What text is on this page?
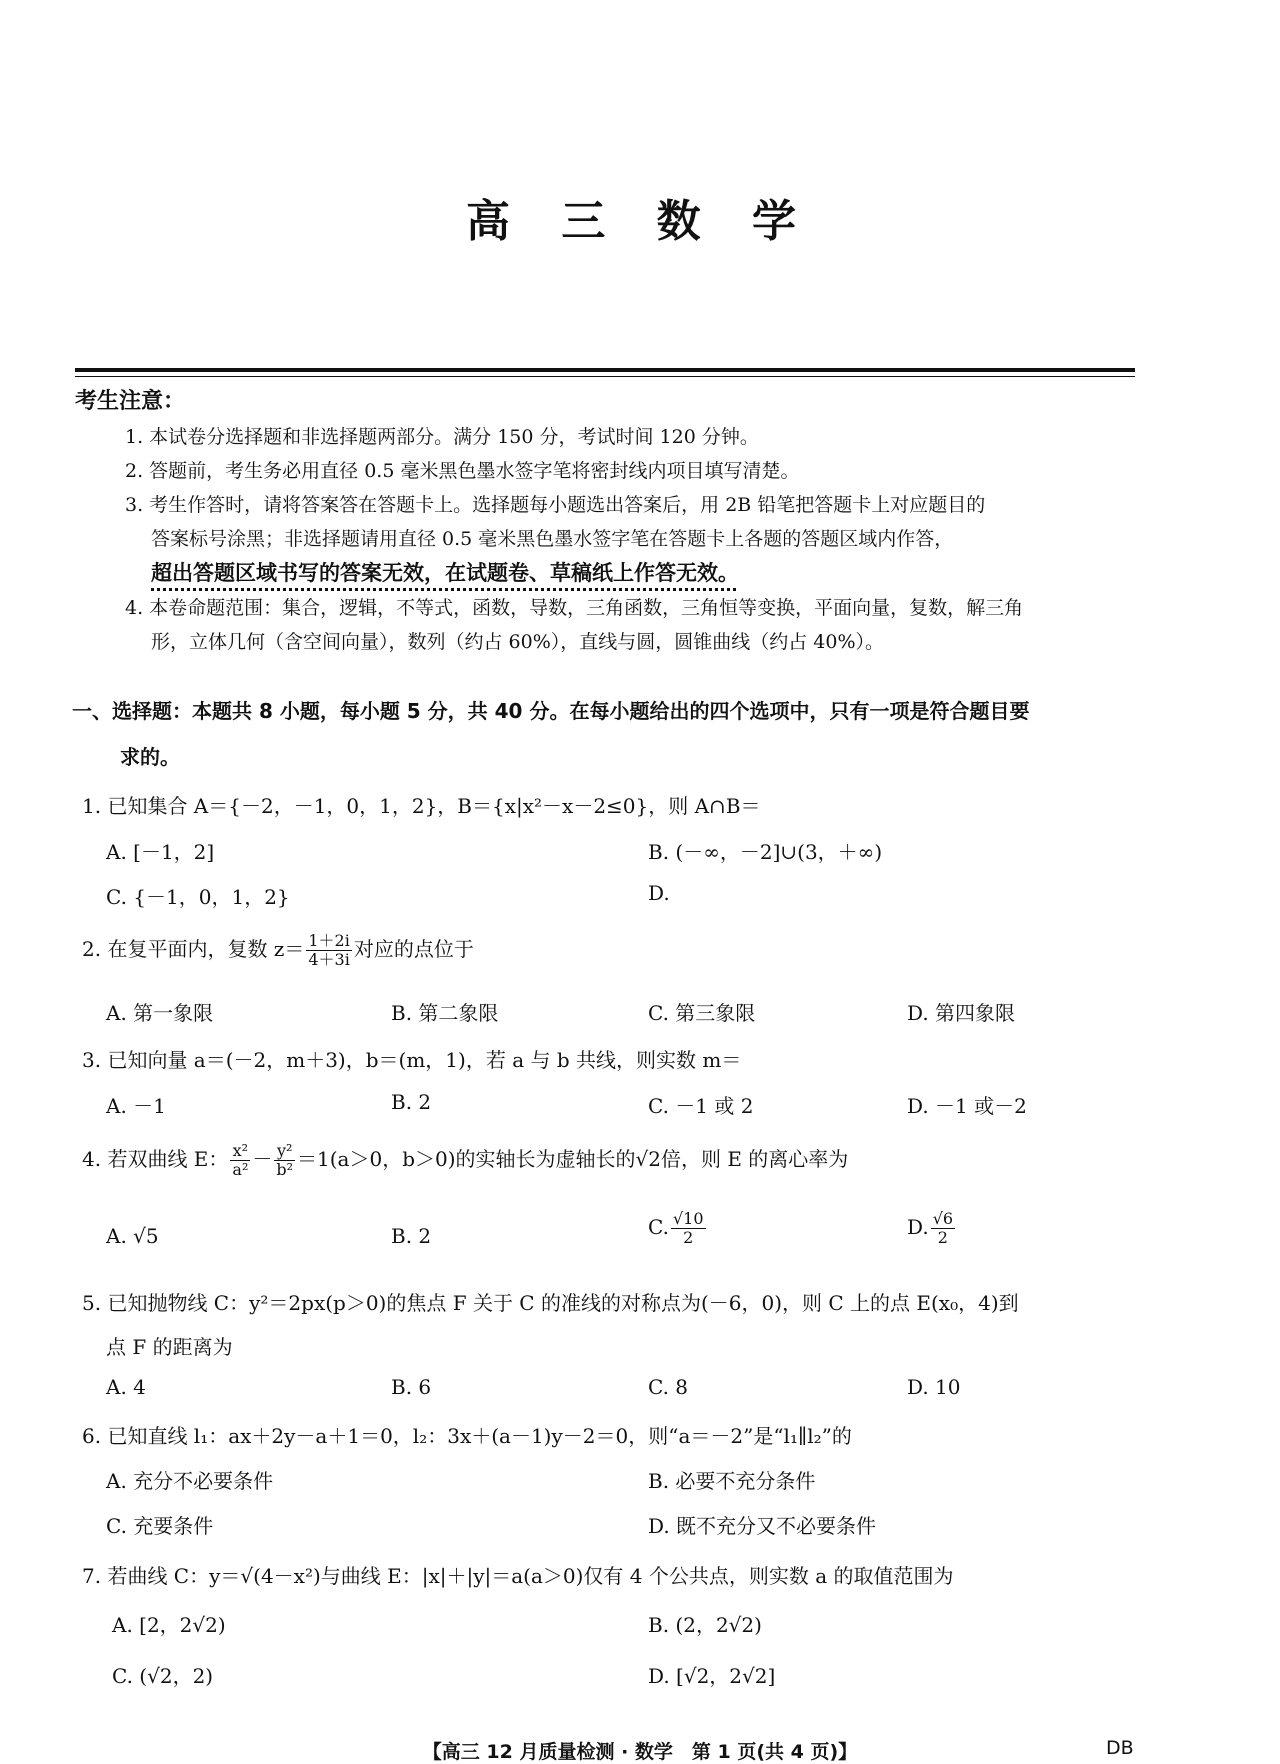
高 三 数 学
考生注意：

1. 本试卷分选择题和非选择题两部分。满分 150 分，考试时间 120 分钟。

2. 答题前，考生务必用直径 0.5 毫米黑色墨水签字笔将密封线内项目填写清楚。

3. 考生作答时，请将答案答在答题卡上。选择题每小题选出答案后，用 2B 铅笔把答题卡上对应题目的

答案标号涂黑；非选择题请用直径 0.5 毫米黑色墨水签字笔在答题卡上各题的答题区域内作答，

超出答题区域书写的答案无效，在试题卷、草稿纸上作答无效。

4. 本卷命题范围：集合，逻辑，不等式，函数，导数，三角函数，三角恒等变换，平面向量，复数，解三角

形，立体几何（含空间向量），数列（约占 60%），直线与圆，圆锥曲线（约占 40%）。

一、选择题：本题共 8 小题，每小题 5 分，共 40 分。在每小题给出的四个选项中，只有一项是符合题目要
求的。
1. 已知集合 A＝{－2，－1，0，1，2}，B＝{x|x²－x－2≤0}，则 A∩B＝
A. [－1，2]	B. (－∞，－2]∪(3，＋∞)
C. {－1，0，1，2}	D.
2. 在复平面内，复数 $z= \frac{1+2i}{4+3i}$ 对应的点位于
A. 第一象限	B. 第二象限	C. 第三象限	D. 第四象限
3. 已知向量 a＝(－2，m＋3)，b＝(m，1)，若 a 与 b 共线，则实数 m＝
A. －1	B. 2	C. －1 或 2	D. －1 或－2
4. 若双曲线 E： $\frac{\text{x²}}{\text{a²}} - \frac{\text{y²}}{\text{b²}} =1(a>0$，b＞0)的实轴长为虚轴长的√2倍，则 E 的离心率为
A. √5	B. 2	C. $\frac{√10}{2}$	D. $\frac{√6}{2}$
5. 已知抛物线 C：y²＝2px(p＞0)的焦点 F 关于 C 的准线的对称点为(－6，0)，则 C 上的点 E(x₀，4)到
点 F 的距离为
A. 4	B. 6	C. 8	D. 10
6. 已知直线 l₁：ax＋2y－a＋1＝0，l₂：3x＋(a－1)y－2＝0，则“a＝－2”是“l₁∥l₂”的
A. 充分不必要条件	B. 必要不充分条件
C. 充要条件	D. 既不充分又不必要条件
7. 若曲线 C：y＝√(4－x²)与曲线 E：|x|＋|y|＝a(a＞0)仅有 4 个公共点，则实数 a 的取值范围为
A. [2，2√2)	B. (2，2√2)
C. (√2，2)	D. [√2，2√2]
【高三 12 月质量检测 · 数学　第 1 页(共 4 页)】	DB
